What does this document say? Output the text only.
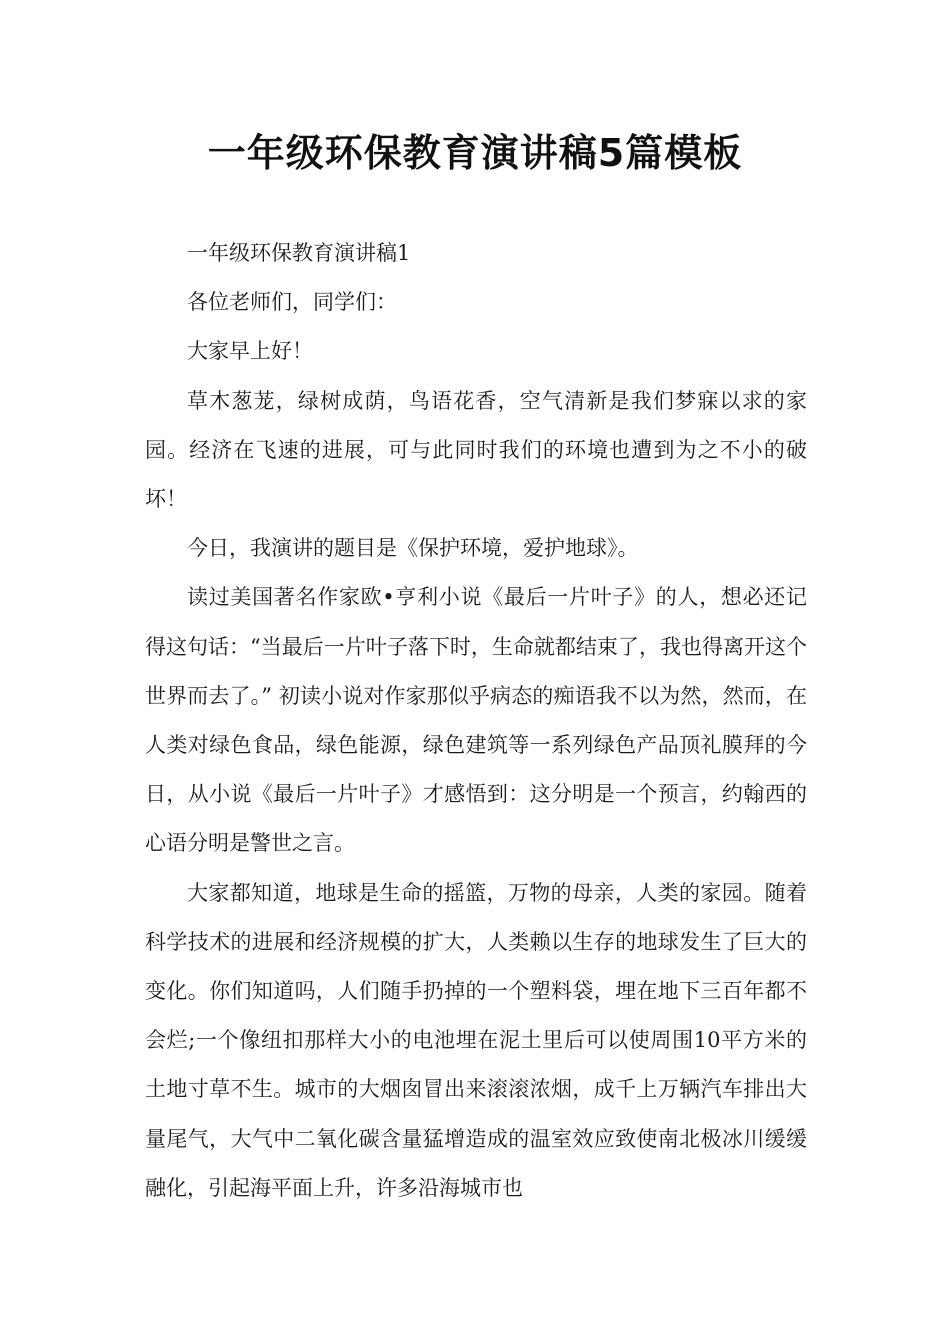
一年级环保教育演讲稿5篇模板

一年级环保教育演讲稿1

各位老师们，同学们：

大家早上好！

草木葱茏，绿树成荫，鸟语花香，空气清新是我们梦寐以求的家园。经济在飞速的进展，可与此同时我们的环境也遭到为之不小的破坏！

今日，我演讲的题目是《保护环境，爱护地球》。

读过美国著名作家欧•亨利小说《最后一片叶子》的人，想必还记得这句话：“当最后一片叶子落下时，生命就都结束了，我也得离开这个世界而去了。” 初读小说对作家那似乎病态的痴语我不以为然，然而，在人类对绿色食品，绿色能源，绿色建筑等一系列绿色产品顶礼膜拜的今日，从小说《最后一片叶子》才感悟到：这分明是一个预言，约翰西的心语分明是警世之言。

大家都知道，地球是生命的摇篮，万物的母亲，人类的家园。随着科学技术的进展和经济规模的扩大，人类赖以生存的地球发生了巨大的变化。你们知道吗，人们随手扔掉的一个塑料袋，埋在地下三百年都不会烂;一个像纽扣那样大小的电池埋在泥土里后可以使周围10平方米的土地寸草不生。城市的大烟囱冒出来滚滚浓烟，成千上万辆汽车排出大量尾气，大气中二氧化碳含量猛增造成的温室效应致使南北极冰川缓缓融化，引起海平面上升，许多沿海城市也
